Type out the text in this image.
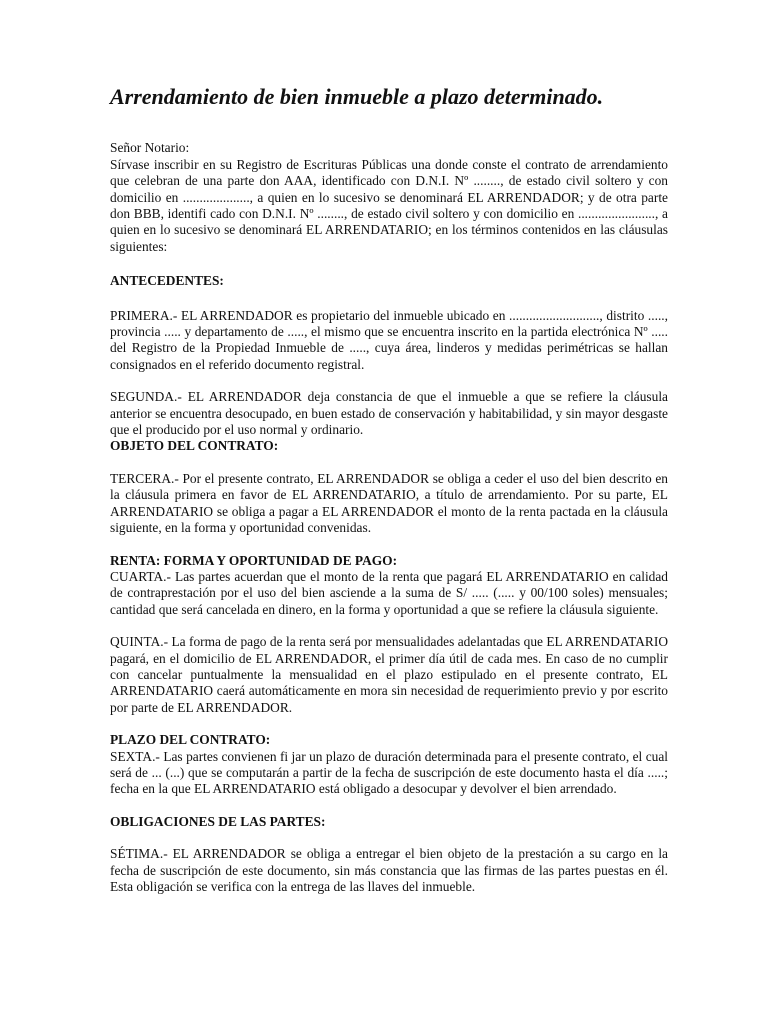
Arrendamiento de bien inmueble a plazo determinado.

Señor Notario:

Sírvase inscribir en su Registro de Escrituras Públicas una donde conste el contrato de arrendamiento que celebran de una parte don AAA, identificado con D.N.I. Nº ........, de estado civil soltero y con domicilio en ...................., a quien en lo sucesivo se denominará EL ARRENDADOR; y de otra parte don BBB, identifi cado con D.N.I. Nº ........, de estado civil soltero y con domicilio en ......................., a quien en lo sucesivo se denominará EL ARRENDATARIO; en los términos contenidos en las cláusulas siguientes:

ANTECEDENTES:

PRIMERA.- EL ARRENDADOR es propietario del inmueble ubicado en ..........................., distrito ....., provincia ..... y departamento de ....., el mismo que se encuentra inscrito en la partida electrónica Nº ..... del Registro de la Propiedad Inmueble de ....., cuya área, linderos y medidas perimétricas se hallan consignados en el referido documento registral.

SEGUNDA.- EL ARRENDADOR deja constancia de que el inmueble a que se refiere la cláusula anterior se encuentra desocupado, en buen estado de conservación y habitabilidad, y sin mayor desgaste que el producido por el uso normal y ordinario.

OBJETO DEL CONTRATO:

TERCERA.- Por el presente contrato, EL ARRENDADOR se obliga a ceder el uso del bien descrito en la cláusula primera en favor de EL ARRENDATARIO, a título de arrendamiento. Por su parte, EL ARRENDATARIO se obliga a pagar a EL ARRENDADOR el monto de la renta pactada en la cláusula siguiente, en la forma y oportunidad convenidas.

RENTA: FORMA Y OPORTUNIDAD DE PAGO:

CUARTA.- Las partes acuerdan que el monto de la renta que pagará EL ARRENDATARIO en calidad de contraprestación por el uso del bien asciende a la suma de S/ ..... (..... y 00/100 soles) mensuales; cantidad que será cancelada en dinero, en la forma y oportunidad a que se refiere la cláusula siguiente.

QUINTA.- La forma de pago de la renta será por mensualidades adelantadas que EL ARRENDATARIO pagará, en el domicilio de EL ARRENDADOR, el primer día útil de cada mes. En caso de no cumplir con cancelar puntualmente la mensualidad en el plazo estipulado en el presente contrato, EL ARRENDATARIO caerá automáticamente en mora sin necesidad de requerimiento previo y por escrito por parte de EL ARRENDADOR.

PLAZO DEL CONTRATO:

SEXTA.- Las partes convienen fi jar un plazo de duración determinada para el presente contrato, el cual será de ... (...) que se computarán a partir de la fecha de suscripción de este documento hasta el día .....; fecha en la que EL ARRENDATARIO está obligado a desocupar y devolver el bien arrendado.

OBLIGACIONES DE LAS PARTES:

SÉTIMA.- EL ARRENDADOR se obliga a entregar el bien objeto de la prestación a su cargo en la fecha de suscripción de este documento, sin más constancia que las firmas de las partes puestas en él. Esta obligación se verifica con la entrega de las llaves del inmueble.
